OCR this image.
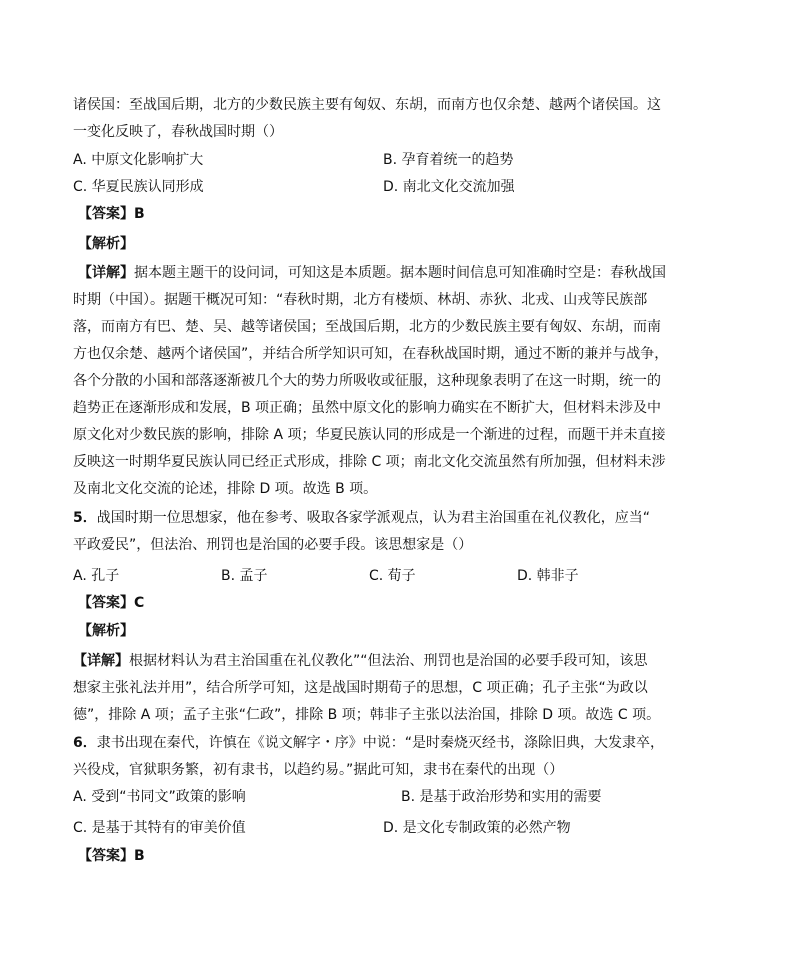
诸侯国：至战国后期，北方的少数民族主要有匈奴、东胡，而南方也仅余楚、越两个诸侯国。这
一变化反映了，春秋战国时期（）
A. 中原文化影响扩大	B. 孕育着统一的趋势
C. 华夏民族认同形成	D. 南北文化交流加强
【答案】B
【解析】
【详解】据本题主题干的设问词，可知这是本质题。据本题时间信息可知准确时空是：春秋战国
时期（中国）。据题干概况可知：“春秋时期，北方有楼烦、林胡、赤狄、北戎、山戎等民族部
落，而南方有巴、楚、吴、越等诸侯国；至战国后期，北方的少数民族主要有匈奴、东胡，而南
方也仅余楚、越两个诸侯国”，并结合所学知识可知，在春秋战国时期，通过不断的兼并与战争，
各个分散的小国和部落逐渐被几个大的势力所吸收或征服，这种现象表明了在这一时期，统一的
趋势正在逐渐形成和发展，B 项正确；虽然中原文化的影响力确实在不断扩大，但材料未涉及中
原文化对少数民族的影响，排除 A 项；华夏民族认同的形成是一个渐进的过程，而题干并未直接
反映这一时期华夏民族认同已经正式形成，排除 C 项；南北文化交流虽然有所加强，但材料未涉
及南北文化交流的论述，排除 D 项。故选 B 项。
5．战国时期一位思想家，他在参考、吸取各家学派观点，认为君主治国重在礼仪教化，应当“
平政爱民”，但法治、刑罚也是治国的必要手段。该思想家是（）
A. 孔子	B. 孟子	C. 荀子	D. 韩非子
【答案】C
【解析】
【详解】根据材料认为君主治国重在礼仪教化”“但法治、刑罚也是治国的必要手段可知，该思
想家主张礼法并用”，结合所学可知，这是战国时期荀子的思想，C 项正确；孔子主张“为政以
德”，排除 A 项；孟子主张“仁政”，排除 B 项；韩非子主张以法治国，排除 D 项。故选 C 项。
6．隶书出现在秦代，许慎在《说文解字・序》中说：“是时秦烧灭经书，涤除旧典，大发隶卒，
兴役戍，官狱职务繁，初有隶书，以趋约易。”据此可知，隶书在秦代的出现（）
A. 受到“书同文”政策的影响	B. 是基于政治形势和实用的需要
C. 是基于其特有的审美价值	D. 是文化专制政策的必然产物
【答案】B
